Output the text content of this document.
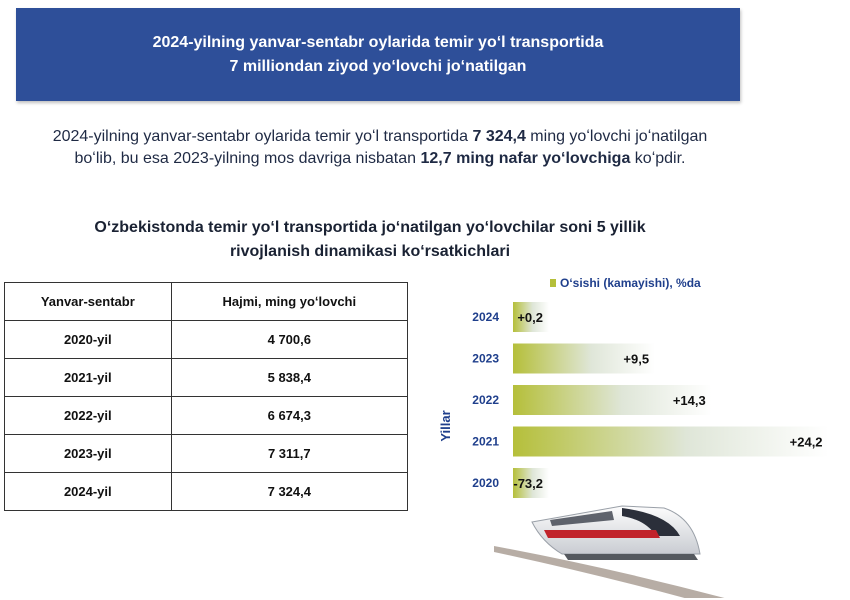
2024-yilning yanvar-sentabr oylarida temir yoʻl transportida
7 milliondan ziyod yoʻlovchi joʻnatilgan
2024-yilning yanvar-sentabr oylarida temir yoʻl transportida 7 324,4 ming yoʻlovchi joʻnatilgan boʻlib, bu esa 2023-yilning mos davriga nisbatan 12,7 ming nafar yoʻlovchiga koʻpdir.
Oʻzbekistonda temir yoʻl transportida joʻnatilgan yoʻlovchilar soni 5 yillik
rivojlanish dinamikasi koʻrsatkichlari
Yanvar-sentabr	Hajmi, ming yoʻlovchi
2020-yil	4 700,6
2021-yil	5 838,4
2022-yil	6 674,3
2023-yil	7 311,7
2024-yil	7 324,4
Oʻsishi (kamayishi), %da
Yillar
2024 +0,2
2023	+9,5
2022	+14,3
2021	+24,2
2020 -73,2
